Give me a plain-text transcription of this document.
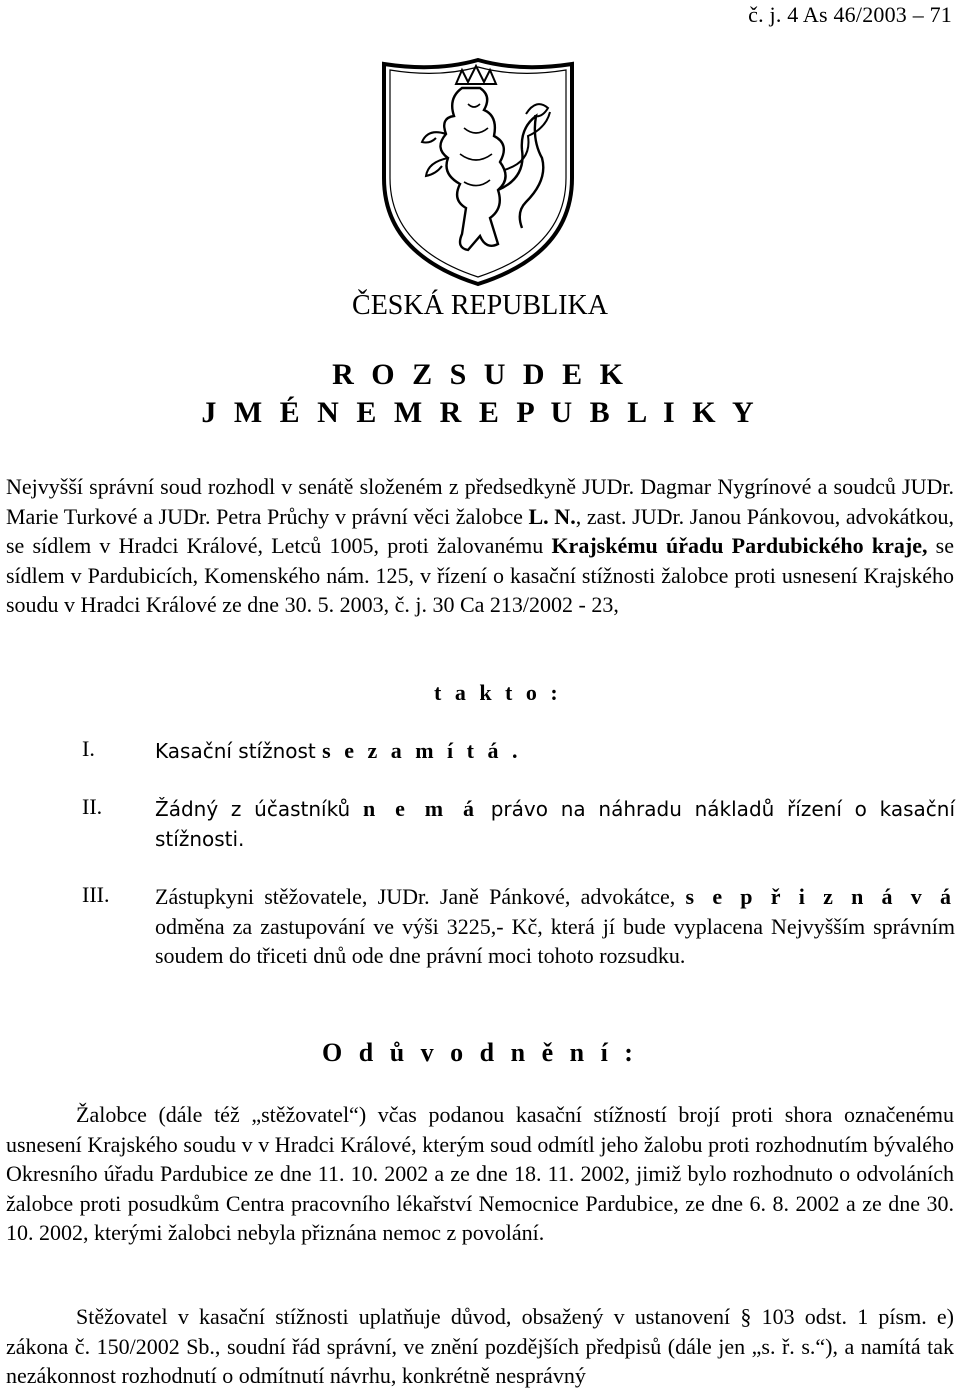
č. j. 4 As 46/2003 – 71
ČESKÁ REPUBLIKA
R O Z S U D E K
J M É N E M R E P U B L I K Y
Nejvyšší správní soud rozhodl v senátě složeném z předsedkyně JUDr. Dagmar Nygrínové a soudců JUDr. Marie Turkové a JUDr. Petra Průchy v právní věci žalobce L. N., zast. JUDr. Janou Pánkovou, advokátkou, se sídlem v Hradci Králové, Letců 1005, proti žalovanému Krajskému úřadu Pardubického kraje, se sídlem v Pardubicích, Komenského nám. 125, v řízení o kasační stížnosti žalobce proti usnesení Krajského soudu v Hradci Králové ze dne 30. 5. 2003, č. j. 30 Ca 213/2002 - 23,
t a k t o :
I.	Kasační stížnost s e z a m í t á .
II.	Žádný z účastníků n e m á právo na náhradu nákladů řízení o kasační stížnosti.
III. Zástupkyni stěžovatele, JUDr. Janě Pánkové, advokátce, s e p ř i z n á v á odměna za zastupování ve výši 3225,- Kč, která jí bude vyplacena Nejvyšším správním soudem do třiceti dnů ode dne právní moci tohoto rozsudku.
O d ů v o d n ě n í :
Žalobce (dále též „stěžovatel“) včas podanou kasační stížností brojí proti shora označenému usnesení Krajského soudu v v Hradci Králové, kterým soud odmítl jeho žalobu proti rozhodnutím bývalého Okresního úřadu Pardubice ze dne 11. 10. 2002 a ze dne 18. 11. 2002, jimiž bylo rozhodnuto o odvoláních žalobce proti posudkům Centra pracovního lékařství Nemocnice Pardubice, ze dne 6. 8. 2002 a ze dne 30. 10. 2002, kterými žalobci nebyla přiznána nemoc z povolání.
Stěžovatel v kasační stížnosti uplatňuje důvod, obsažený v ustanovení § 103 odst. 1 písm. e) zákona č. 150/2002 Sb., soudní řád správní, ve znění pozdějších předpisů (dále jen „s. ř. s.“), a namítá tak nezákonnost rozhodnutí o odmítnutí návrhu, konkrétně nesprávný
